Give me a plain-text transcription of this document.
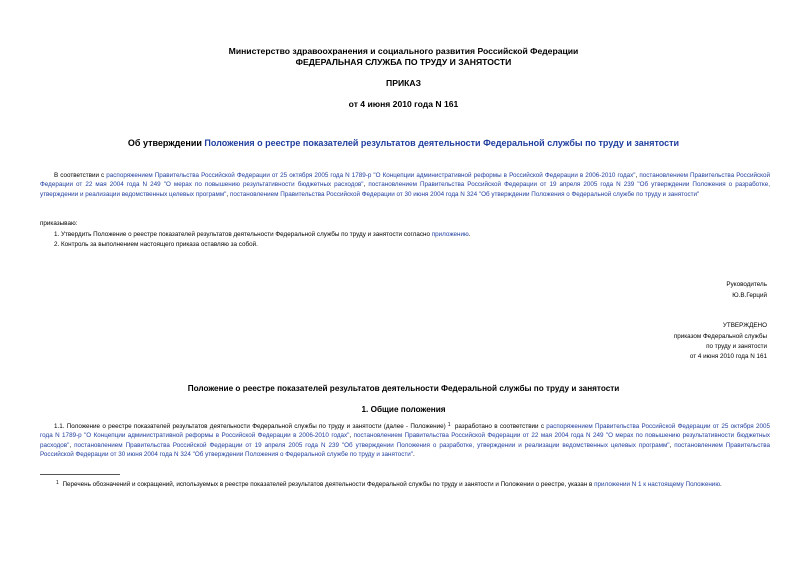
Министерство здравоохранения и социального развития Российской Федерации
ФЕДЕРАЛЬНАЯ СЛУЖБА ПО ТРУДУ И ЗАНЯТОСТИ
ПРИКАЗ
от 4 июня 2010 года N 161
Об утверждении Положения о реестре показателей результатов деятельности Федеральной службы по труду и занятости
В соответствии с распоряжением Правительства Российской Федерации от 25 октября 2005 года N 1789-р "О Концепции административной реформы в Российской Федерации в 2006-2010 годах", постановлением Правительства Российской Федерации от 22 мая 2004 года N 249 "О мерах по повышению результативности бюджетных расходов", постановлением Правительства Российской Федерации от 19 апреля 2005 года N 239 "Об утверждении Положения о разработке, утверждении и реализации ведомственных целевых программ", постановлением Правительства Российской Федерации от 30 июня 2004 года N 324 "Об утверждении Положения о Федеральной службе по труду и занятости"
приказываю:
1. Утвердить Положение о реестре показателей результатов деятельности Федеральной службы по труду и занятости согласно приложению.
2. Контроль за выполнением настоящего приказа оставляю за собой.
Руководитель
Ю.В.Герций
УТВЕРЖДЕНО
приказом Федеральной службы
по труду и занятости
от 4 июня 2010 года N 161
Положение о реестре показателей результатов деятельности Федеральной службы по труду и занятости
1. Общие положения
1.1. Положение о реестре показателей результатов деятельности Федеральной службы по труду и занятости (далее - Положение) 1 разработано в соответствии с распоряжением Правительства Российской Федерации от 25 октября 2005 года N 1789-р "О Концепции административной реформы в Российской Федерации в 2006-2010 годах", постановлением Правительства Российской Федерации от 22 мая 2004 года N 249 "О мерах по повышению результативности бюджетных расходов", постановлением Правительства Российской Федерации от 19 апреля 2005 года N 239 "Об утверждении Положения о разработке, утверждении и реализации ведомственных целевых программ", постановлением Правительства Российской Федерации от 30 июня 2004 года N 324 "Об утверждении Положения о Федеральной службе по труду и занятости".
1 Перечень обозначений и сокращений, используемых в реестре показателей результатов деятельности Федеральной службы по труду и занятости и Положении о реестре, указан в приложении N 1 к настоящему Положению.
